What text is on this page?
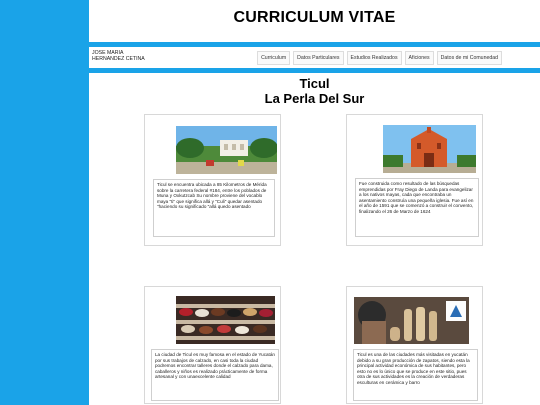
CURRICULUM VITAE
JOSE MARIA
HERNANDEZ CETINA	Curriculum	Datos Particulares	Estudios Realizados	Aficiones	Datos de mi Comunedad
Ticul
La Perla Del Sur
Ticul se encuentra ubicada a 85 Kilometros de Mérida sobre la carretera federal #184, entre los poblados de Muna y Oxkutzcab Su nombre proviene del vocablo maya "ti" que significa allá y "Culi" quedar asentado "haciendo su significado "allá quedo asentado
Fue construida como resultado de las búsquedas emprendidas por Fray Diego de Landa para evangelizar a los nativos mayas, cada que encontraba un asentamiento construía una pequeña iglesia. Fue así en el año de 1591 que se comenzó a construir el convento, finalizando el 26 de Marzo de 1624
La ciudad de Ticul es muy famosa en el estado de Yucatán por sus trabajos de calzado, en casi toda la ciudad podremos encontrar talleres donde el calzado para dama, caballeros y niños es realizado prácticamente de forma artesanal y con unaexcelente calidad
Ticul es una de las ciudades más visitadas en yucatán debido a su gran producción de zapatos, siendo esta la principal actividad económica de sus habitantes, pero esto no es lo único que se produce en este sitio, pues otra de sus actividades es la creación de verdaderas esculturas en cerámica y barro
